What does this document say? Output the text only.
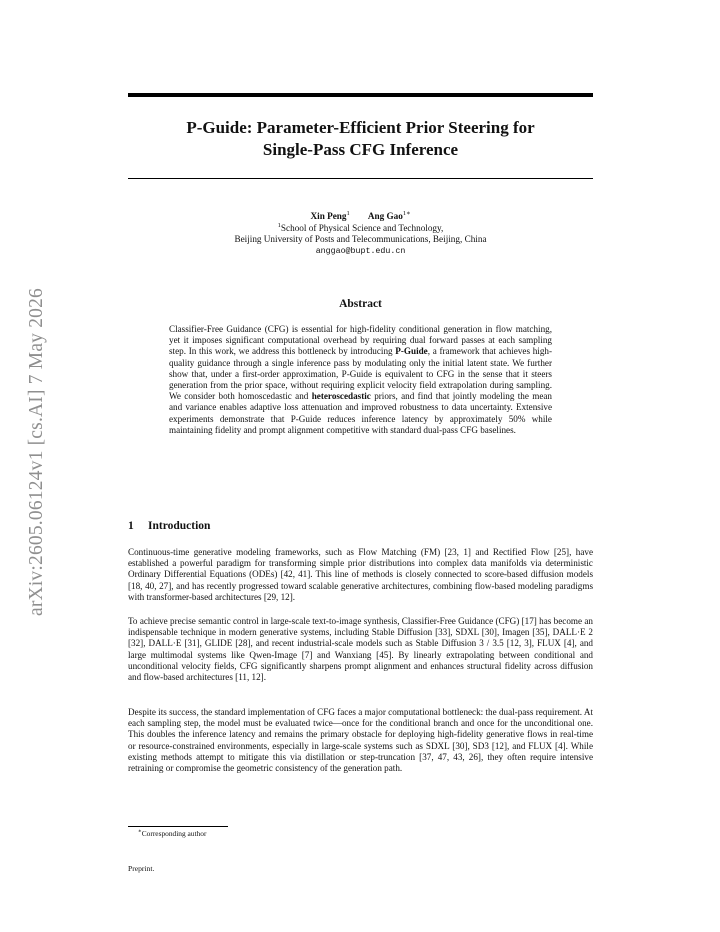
arXiv:2605.06124v1 [cs.AI] 7 May 2026
P-Guide: Parameter-Efficient Prior Steering for
Single-Pass CFG Inference
Xin Peng$^1$ Ang Gao$^{1∗}$
$^1$School of Physical Science and Technology,
Beijing University of Posts and Telecommunications, Beijing, China
anggao@bupt.edu.cn
Abstract

Classifier-Free Guidance (CFG) is essential for high-fidelity conditional generation in flow matching, yet it imposes significant computational overhead by requiring dual forward passes at each sampling step. In this work, we address this bottleneck by introducing P-Guide, a framework that achieves high-quality guidance through a single inference pass by modulating only the initial latent state. We further show that, under a first-order approximation, P-Guide is equivalent to CFG in the sense that it steers generation from the prior space, without requiring explicit velocity field extrapolation during sampling. We consider both homoscedastic and heteroscedastic priors, and find that jointly modeling the mean and variance enables adaptive loss attenuation and improved robustness to data uncertainty. Extensive experiments demonstrate that P-Guide reduces inference latency by approximately 50% while maintaining fidelity and prompt alignment competitive with standard dual-pass CFG baselines.

1 Introduction

Continuous-time generative modeling frameworks, such as Flow Matching (FM) [23, 1] and Rectified Flow [25], have established a powerful paradigm for transforming simple prior distributions into complex data manifolds via deterministic Ordinary Differential Equations (ODEs) [42, 41]. This line of methods is closely connected to score-based diffusion models [18, 40, 27], and has recently progressed toward scalable generative architectures, combining flow-based modeling paradigms with transformer-based architectures [29, 12].

To achieve precise semantic control in large-scale text-to-image synthesis, Classifier-Free Guidance (CFG) [17] has become an indispensable technique in modern generative systems, including Stable Diffusion [33], SDXL [30], Imagen [35], DALL·E 2 [32], DALL·E [31], GLIDE [28], and recent industrial-scale models such as Stable Diffusion 3 / 3.5 [12, 3], FLUX [4], and large multimodal systems like Qwen-Image [7] and Wanxiang [45]. By linearly extrapolating between conditional and unconditional velocity fields, CFG significantly sharpens prompt alignment and enhances structural fidelity across diffusion and flow-based architectures [11, 12].

Despite its success, the standard implementation of CFG faces a major computational bottleneck: the dual-pass requirement. At each sampling step, the model must be evaluated twice—once for the conditional branch and once for the unconditional one. This doubles the inference latency and remains the primary obstacle for deploying high-fidelity generative flows in real-time or resource-constrained environments, especially in large-scale systems such as SDXL [30], SD3 [12], and FLUX [4]. While existing methods attempt to mitigate this via distillation or step-truncation [37, 47, 43, 26], they often require intensive retraining or compromise the geometric consistency of the generation path.

∗Corresponding author
Preprint.
